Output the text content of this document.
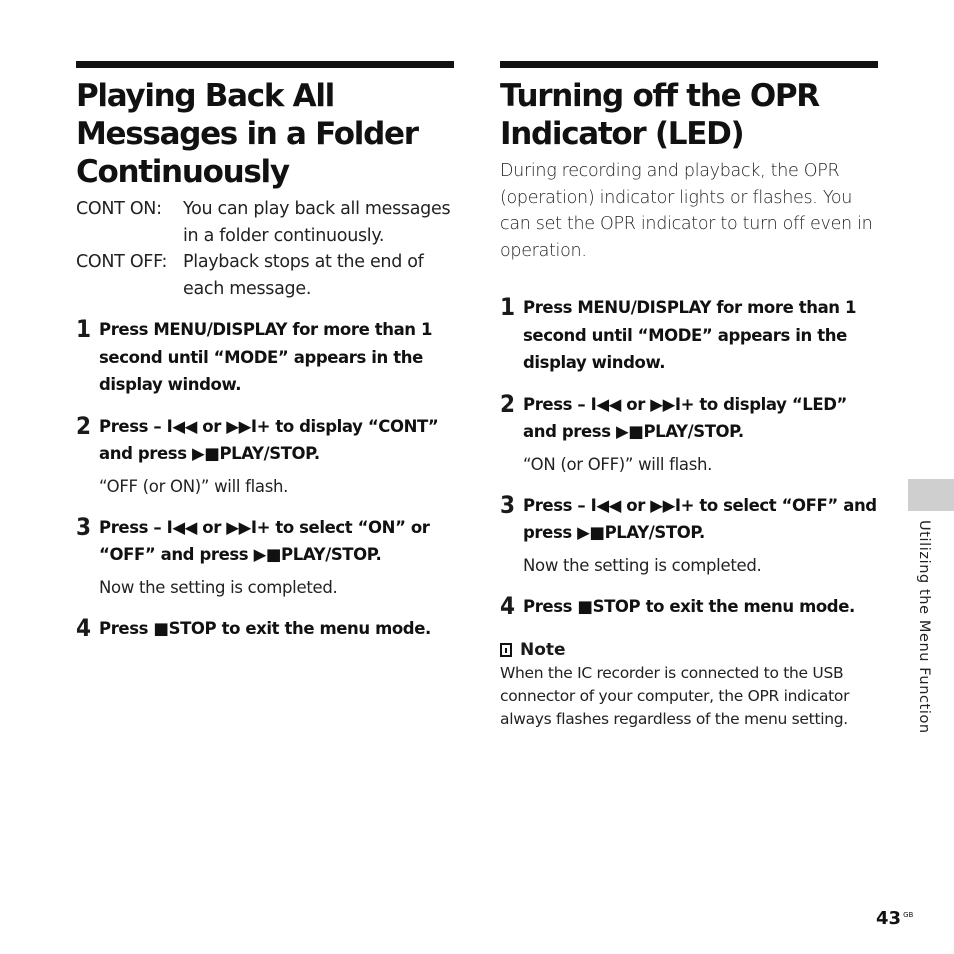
Playing Back All Messages in a Folder Continuously
CONT ON:	You can play back all messages in a folder continuously.
CONT OFF: Playback stops at the end of each message.
1 Press MENU/DISPLAY for more than 1 second until “MODE” appears in the display window.
2 Press – I◀◀ or ▶▶I+ to display “CONT” and press ▶■PLAY/STOP.
“OFF (or ON)” will flash.
3 Press – I◀◀ or ▶▶I+ to select “ON” or “OFF” and press ▶■PLAY/STOP.
Now the setting is completed.
4 Press ■STOP to exit the menu mode.
Turning off the OPR Indicator (LED)
During recording and playback, the OPR (operation) indicator lights or flashes. You can set the OPR indicator to turn off even in operation.
1 Press MENU/DISPLAY for more than 1 second until “MODE” appears in the display window.
2 Press – I◀◀ or ▶▶I+ to display “LED” and press ▶■PLAY/STOP.
“ON (or OFF)” will flash.
3 Press – I◀◀ or ▶▶I+ to select “OFF” and press ▶■PLAY/STOP.
Now the setting is completed.
4 Press ■STOP to exit the menu mode.
Note
When the IC recorder is connected to the USB connector of your computer, the OPR indicator always flashes regardless of the menu setting.	Utilizing the Menu Function
43 $^{GB}$
